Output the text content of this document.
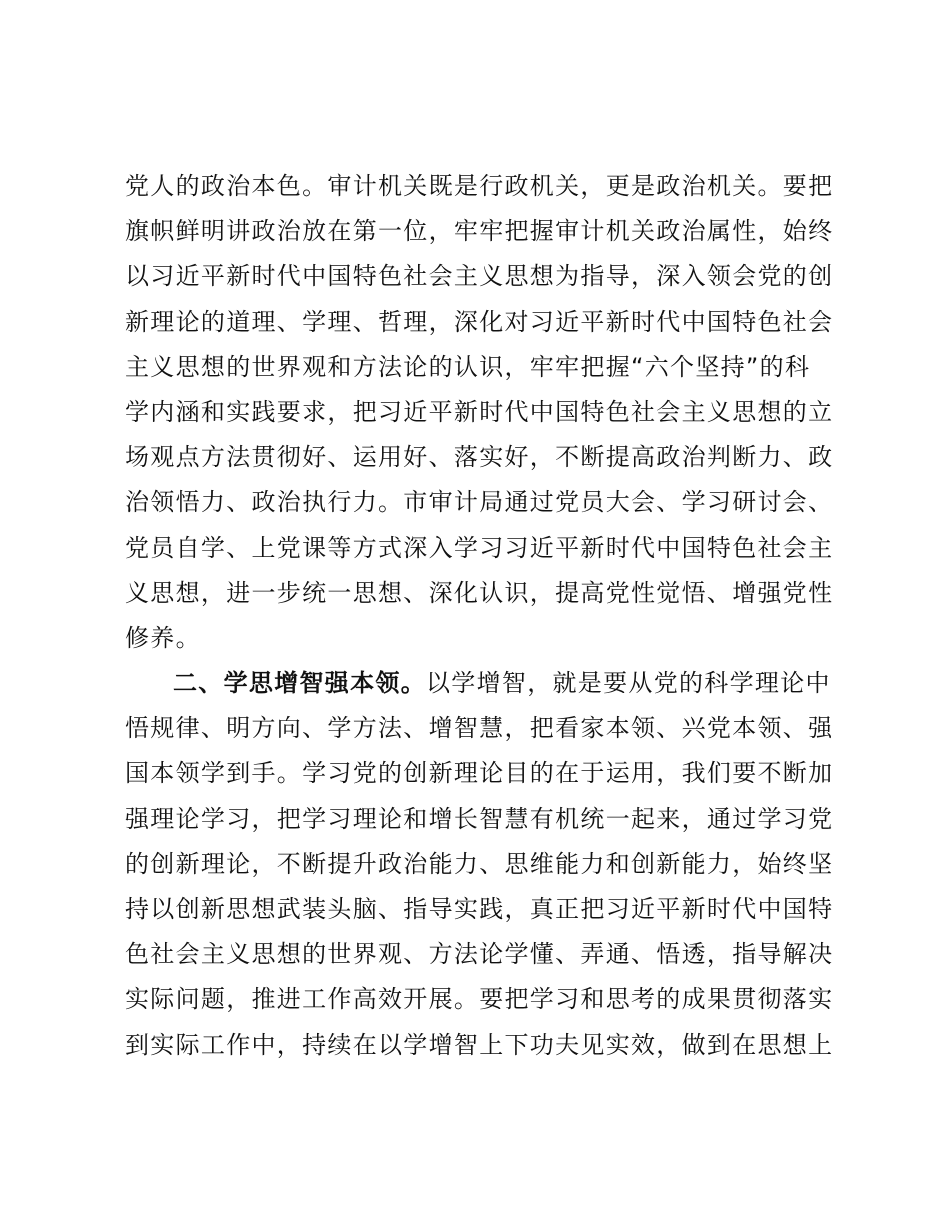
党人的政治本色。审计机关既是行政机关，更是政治机关。要把
旗帜鲜明讲政治放在第一位，牢牢把握审计机关政治属性，始终
以习近平新时代中国特色社会主义思想为指导，深入领会党的创
新理论的道理、学理、哲理，深化对习近平新时代中国特色社会
主义思想的世界观和方法论的认识，牢牢把握“六个坚持”的科
学内涵和实践要求，把习近平新时代中国特色社会主义思想的立
场观点方法贯彻好、运用好、落实好，不断提高政治判断力、政
治领悟力、政治执行力。市审计局通过党员大会、学习研讨会、
党员自学、上党课等方式深入学习习近平新时代中国特色社会主
义思想，进一步统一思想、深化认识，提高党性觉悟、增强党性
修养。
二、学思增智强本领。以学增智，就是要从党的科学理论中
悟规律、明方向、学方法、增智慧，把看家本领、兴党本领、强
国本领学到手。学习党的创新理论目的在于运用，我们要不断加
强理论学习，把学习理论和增长智慧有机统一起来，通过学习党
的创新理论，不断提升政治能力、思维能力和创新能力，始终坚
持以创新思想武装头脑、指导实践，真正把习近平新时代中国特
色社会主义思想的世界观、方法论学懂、弄通、悟透，指导解决
实际问题，推进工作高效开展。要把学习和思考的成果贯彻落实
到实际工作中，持续在以学增智上下功夫见实效，做到在思想上
